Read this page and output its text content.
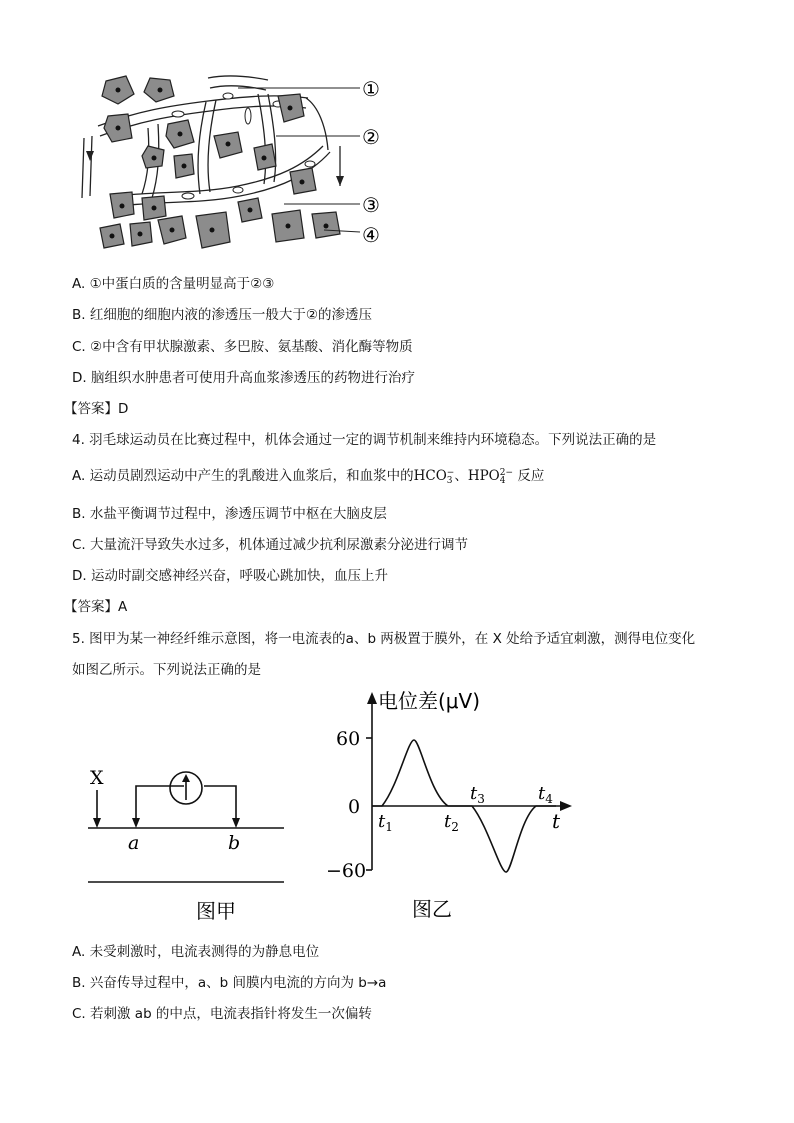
①
②
③
④
A. ①中蛋白质的含量明显高于②③
B. 红细胞的细胞内液的渗透压一般大于②的渗透压
C. ②中含有甲状腺激素、多巴胺、氨基酸、消化酶等物质
D. 脑组织水肿患者可使用升高血浆渗透压的药物进行治疗
【答案】D
4. 羽毛球运动员在比赛过程中，机体会通过一定的调节机制来维持内环境稳态。下列说法正确的是
A. 运动员剧烈运动中产生的乳酸进入血浆后，和血浆中的HCO −
3 、HPO 2−
4 反应
B. 水盐平衡调节过程中，渗透压调节中枢在大脑皮层
C. 大量流汗导致失水过多，机体通过减少抗利尿激素分泌进行调节
D. 运动时副交感神经兴奋，呼吸心跳加快，血压上升
【答案】A
5. 图甲为某一神经纤维示意图，将一电流表的a、b 两极置于膜外，在 X 处给予适宜刺激，测得电位变化
如图乙所示。下列说法正确的是
X
a	b
图甲
电位差(μV)
60
0
−60
$t_1$	$t_2$
$t_3$	$t_4$
t
图乙
A. 未受刺激时，电流表测得的为静息电位
B. 兴奋传导过程中，a、b 间膜内电流的方向为 b→a
C. 若刺激 ab 的中点，电流表指针将发生一次偏转
